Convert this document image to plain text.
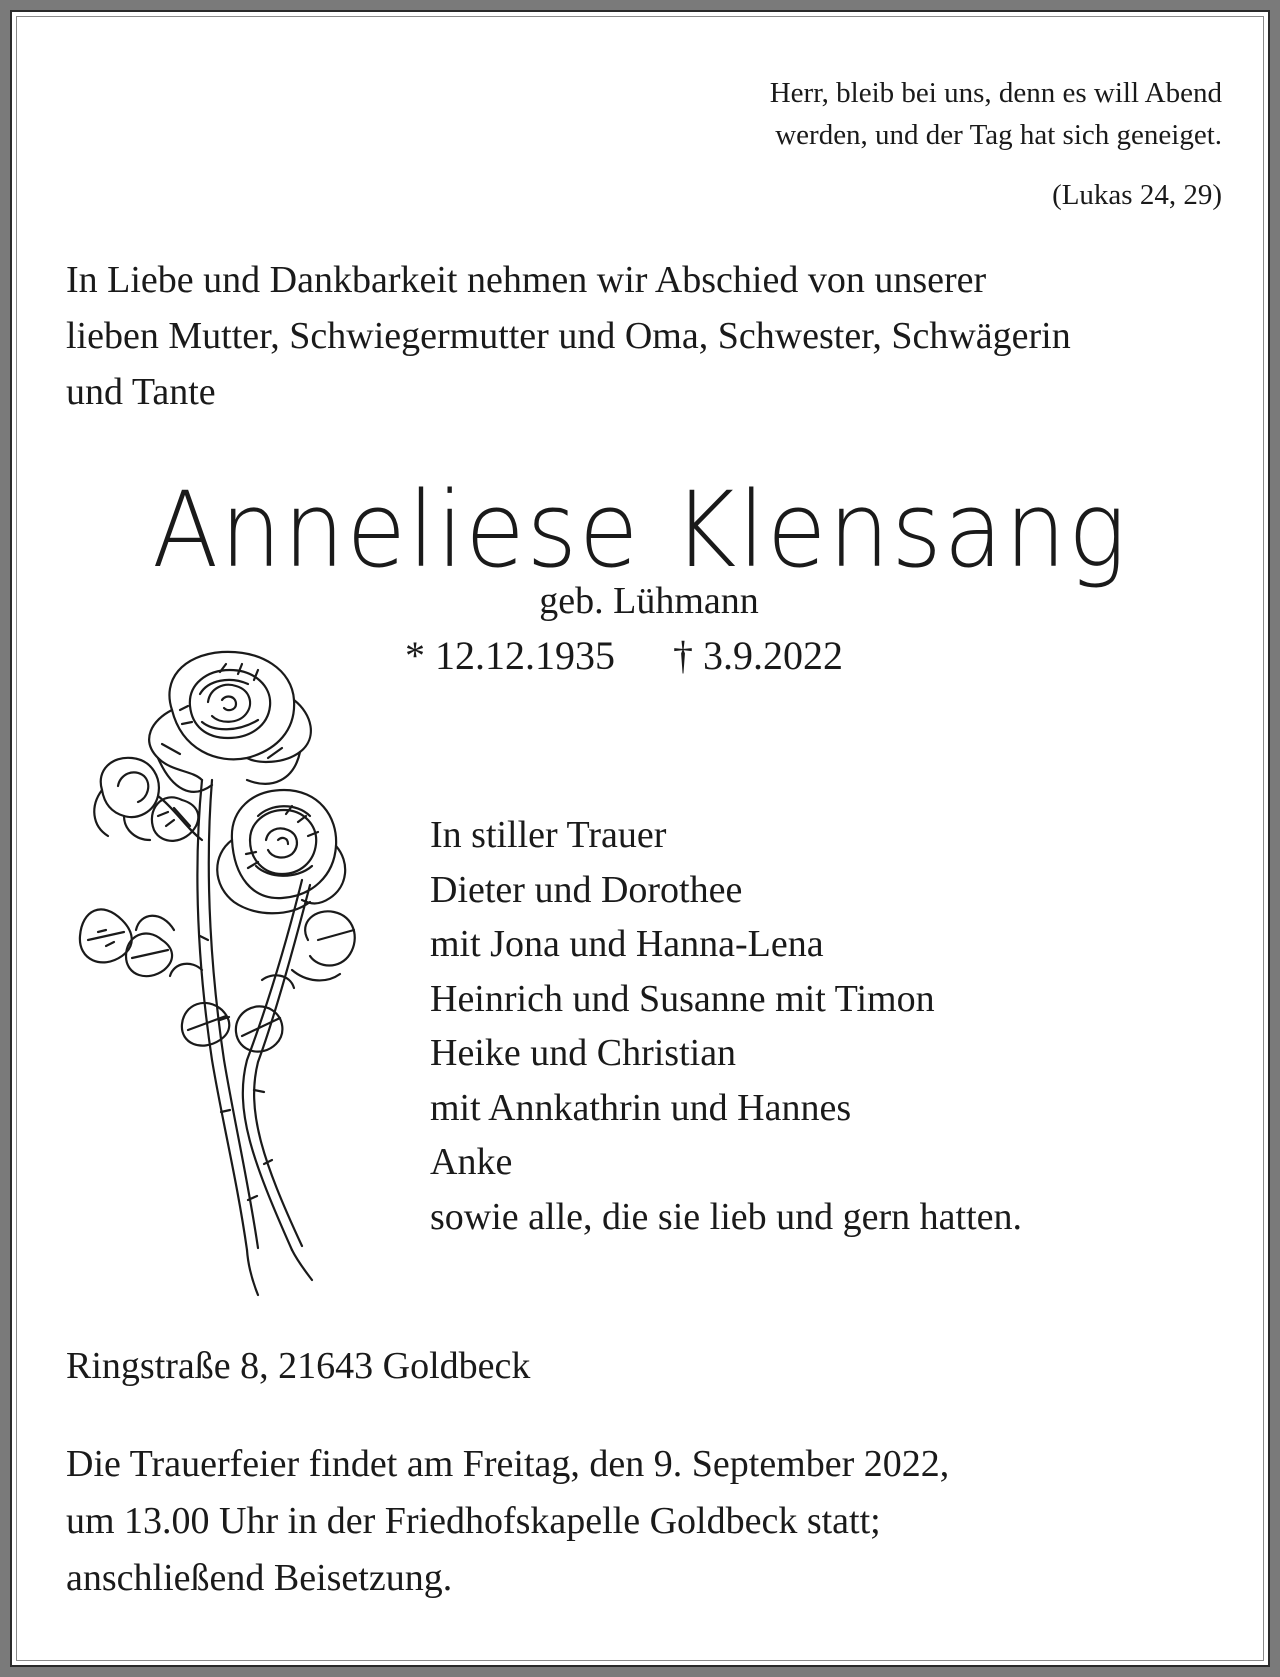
Herr, bleib bei uns, denn es will Abend
werden, und der Tag hat sich geneiget.
(Lukas 24, 29)
In Liebe und Dankbarkeit nehmen wir Abschied von unserer
lieben Mutter, Schwiegermutter und Oma, Schwester, Schwägerin
und Tante
Anneliese Klensang
geb. Lühmann
* 12.12.1935 † 3.9.2022
In stiller Trauer
Dieter und Dorothee
mit Jona und Hanna-Lena
Heinrich und Susanne mit Timon
Heike und Christian
mit Annkathrin und Hannes
Anke
sowie alle, die sie lieb und gern hatten.
Ringstraße 8, 21643 Goldbeck
Die Trauerfeier findet am Freitag, den 9. September 2022,
um 13.00 Uhr in der Friedhofskapelle Goldbeck statt;
anschließend Beisetzung.
